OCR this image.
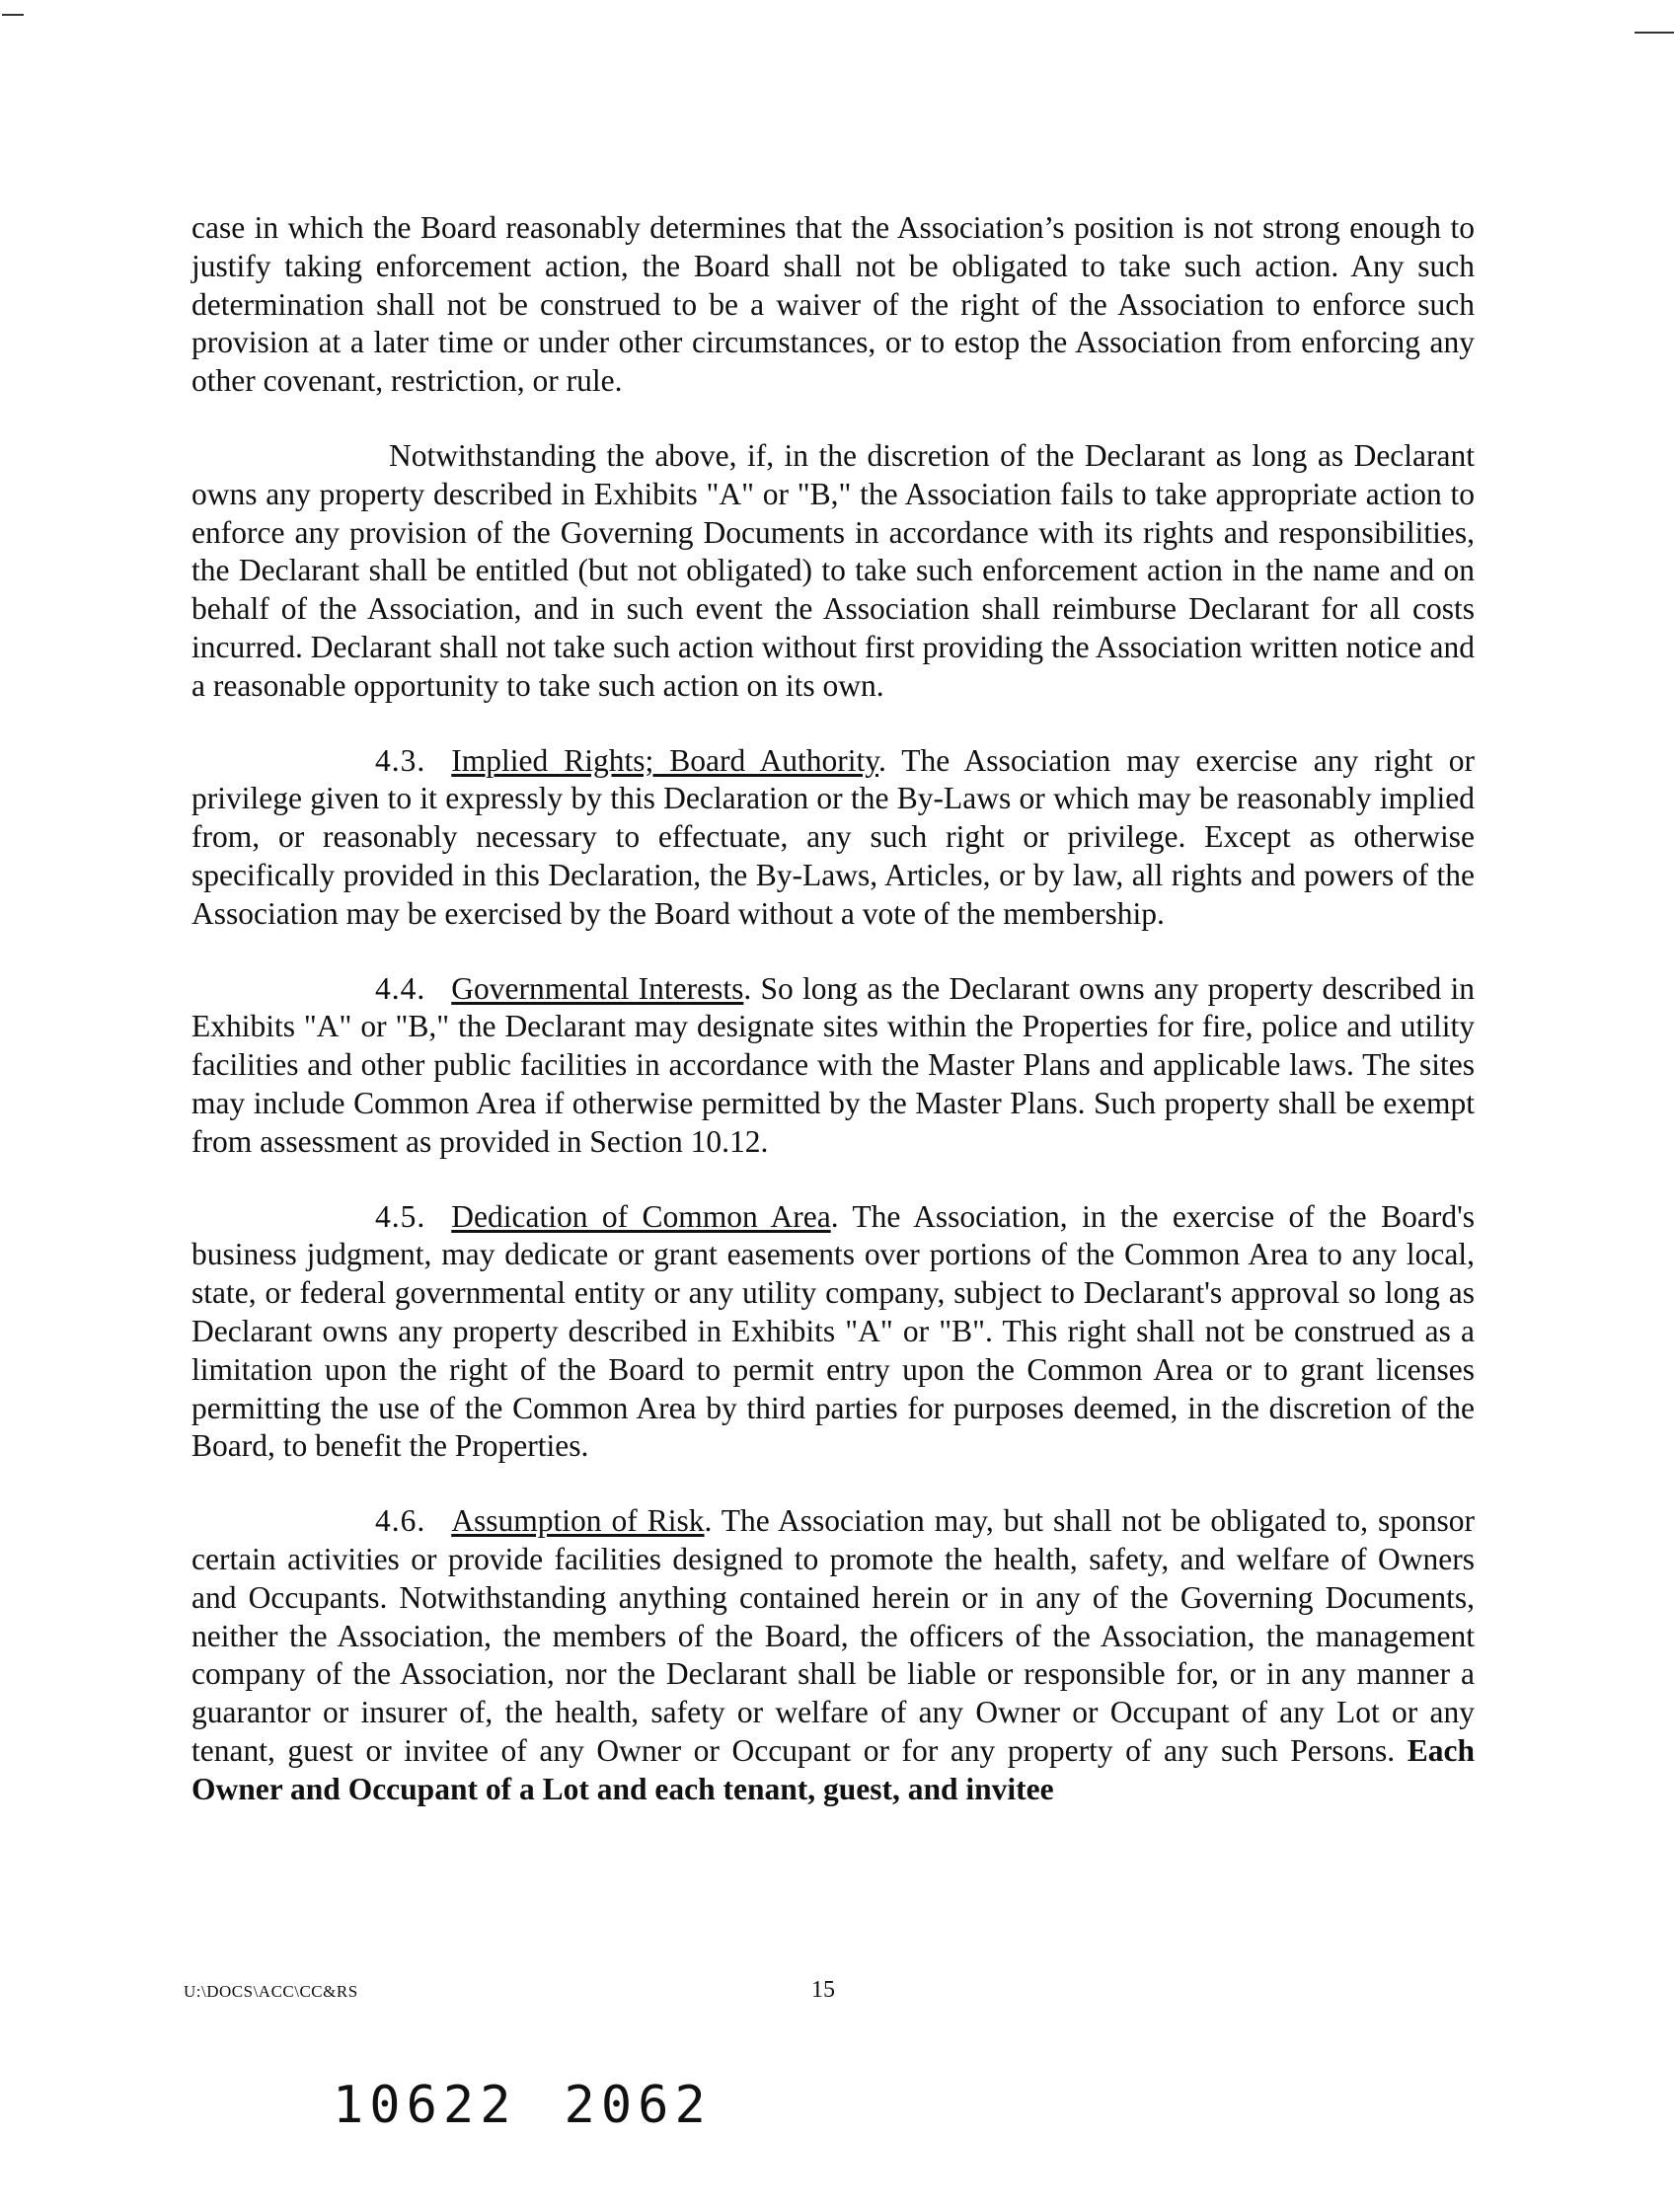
case in which the Board reasonably determines that the Association’s position is not strong enough to justify taking enforcement action, the Board shall not be obligated to take such action. Any such determination shall not be construed to be a waiver of the right of the Association to enforce such provision at a later time or under other circumstances, or to estop the Association from enforcing any other covenant, restriction, or rule.

Notwithstanding the above, if, in the discretion of the Declarant as long as Declarant owns any property described in Exhibits "A" or "B," the Association fails to take appropriate action to enforce any provision of the Governing Documents in accordance with its rights and responsibilities, the Declarant shall be entitled (but not obligated) to take such enforcement action in the name and on behalf of the Association, and in such event the Association shall reimburse Declarant for all costs incurred. Declarant shall not take such action without first providing the Association written notice and a reasonable opportunity to take such action on its own.

4.3. Implied Rights; Board Authority. The Association may exercise any right or privilege given to it expressly by this Declaration or the By-Laws or which may be reasonably implied from, or reasonably necessary to effectuate, any such right or privilege. Except as otherwise specifically provided in this Declaration, the By-Laws, Articles, or by law, all rights and powers of the Association may be exercised by the Board without a vote of the membership.

4.4. Governmental Interests. So long as the Declarant owns any property described in Exhibits "A" or "B," the Declarant may designate sites within the Properties for fire, police and utility facilities and other public facilities in accordance with the Master Plans and applicable laws. The sites may include Common Area if otherwise permitted by the Master Plans. Such property shall be exempt from assessment as provided in Section 10.12.

4.5. Dedication of Common Area. The Association, in the exercise of the Board's business judgment, may dedicate or grant easements over portions of the Common Area to any local, state, or federal governmental entity or any utility company, subject to Declarant's approval so long as Declarant owns any property described in Exhibits "A" or "B". This right shall not be construed as a limitation upon the right of the Board to permit entry upon the Common Area or to grant licenses permitting the use of the Common Area by third parties for purposes deemed, in the discretion of the Board, to benefit the Properties.

4.6. Assumption of Risk. The Association may, but shall not be obligated to, sponsor certain activities or provide facilities designed to promote the health, safety, and welfare of Owners and Occupants. Notwithstanding anything contained herein or in any of the Governing Documents, neither the Association, the members of the Board, the officers of the Association, the management company of the Association, nor the Declarant shall be liable or responsible for, or in any manner a guarantor or insurer of, the health, safety or welfare of any Owner or Occupant of any Lot or any tenant, guest or invitee of any Owner or Occupant or for any property of any such Persons. Each Owner and Occupant of a Lot and each tenant, guest, and invitee

U:\DOCS\ACC\CC&RS	15
10622 2062
